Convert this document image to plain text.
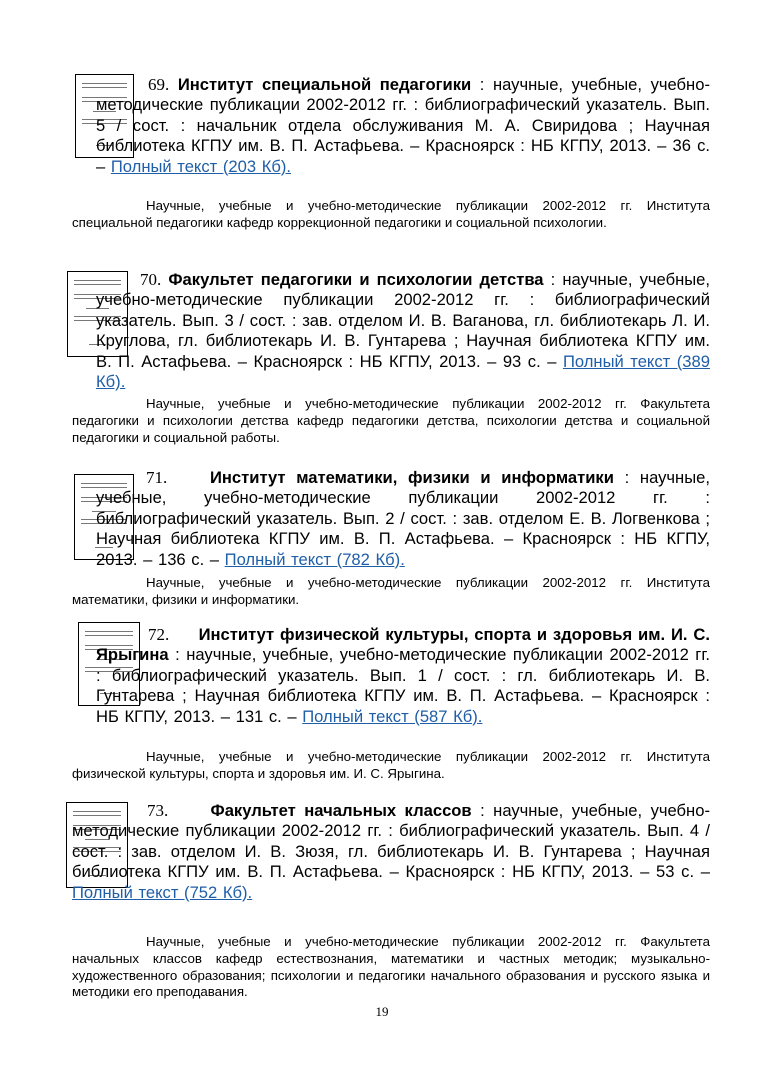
69. Институт специальной педагогики : научные, учебные, учебно-методические публикации 2002-2012 гг. : библиографический указатель. Вып. 5 / сост. : начальник отдела обслуживания М. А. Свиридова ; Научная библиотека КГПУ им. В. П. Астафьева. – Красноярск : НБ КГПУ, 2013. – 36 с. – Полный текст (203 Кб).
Научные, учебные и учебно-методические публикации 2002-2012 гг. Института специальной педагогики кафедр коррекционной педагогики и социальной психологии.
70. Факультет педагогики и психологии детства : научные, учебные, учебно-методические публикации 2002-2012 гг. : библиографический указатель. Вып. 3 / сост. : зав. отделом И. В. Ваганова, гл. библиотекарь Л. И. Круглова, гл. библиотекарь И. В. Гунтарева ; Научная библиотека КГПУ им. В. П. Астафьева. – Красноярск : НБ КГПУ, 2013. – 93 с. – Полный текст (389 Кб).
Научные, учебные и учебно-методические публикации 2002-2012 гг. Факультета педагогики и психологии детства кафедр педагогики детства, психологии детства и социальной педагогики и социальной работы.
71.	Институт математики, физики и информатики : научные, учебные, учебно-методические публикации 2002-2012 гг. : библиографический указатель. Вып. 2 / сост. : зав. отделом Е. В. Логвенкова ; Научная библиотека КГПУ им. В. П. Астафьева. – Красноярск : НБ КГПУ, 2013. – 136 с. – Полный текст (782 Кб).
Научные, учебные и учебно-методические публикации 2002-2012 гг. Института математики, физики и информатики.
72. Институт физической культуры, спорта и здоровья им. И. С. Ярыгина : научные, учебные, учебно-методические публикации 2002-2012 гг. : библиографический указатель. Вып. 1 / сост. : гл. библиотекарь И. В. Гунтарева ; Научная библиотека КГПУ им. В. П. Астафьева. – Красноярск : НБ КГПУ, 2013. – 131 с. – Полный текст (587 Кб).
Научные, учебные и учебно-методические публикации 2002-2012 гг. Института физической культуры, спорта и здоровья им. И. С. Ярыгина.
73.	Факультет начальных классов : научные, учебные, учебно-методические публикации 2002-2012 гг. : библиографический указатель. Вып. 4 / сост. : зав. отделом И. В. Зюзя, гл. библиотекарь И. В. Гунтарева ; Научная библиотека КГПУ им. В. П. Астафьева. – Красноярск : НБ КГПУ, 2013. – 53 с. – Полный текст (752 Кб).
Научные, учебные и учебно-методические публикации 2002-2012 гг. Факультета начальных классов кафедр естествознания, математики и частных методик; музыкально-художественного образования; психологии и педагогики начального образования и русского языка и методики его преподавания.
19
